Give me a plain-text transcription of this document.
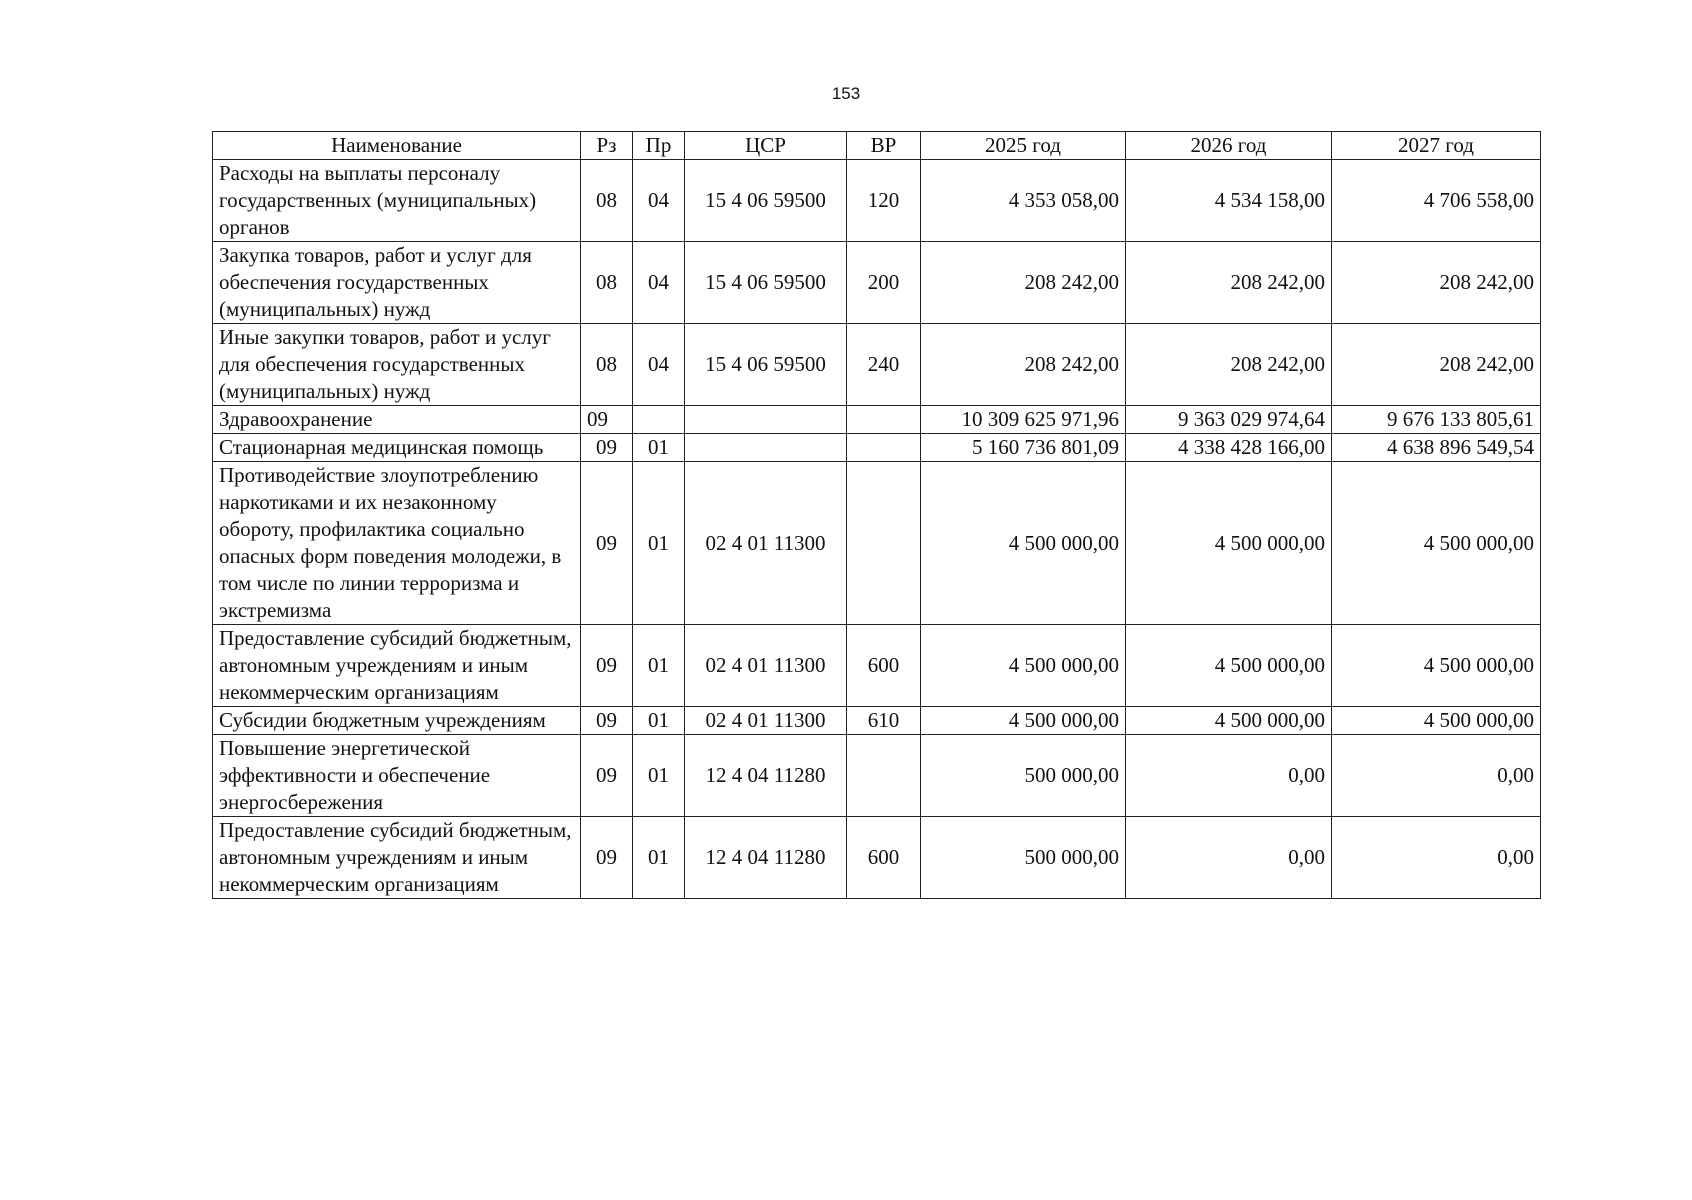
153
Наименование	Рз	Пр	ЦСР	ВР	2025 год	2026 год	2027 год
Расходы на выплаты персоналу государственных (муниципальных) органов	08	04	15 4 06 59500	120	4 353 058,00	4 534 158,00	4 706 558,00
Закупка товаров, работ и услуг для обеспечения государственных (муниципальных) нужд	08	04	15 4 06 59500	200	208 242,00	208 242,00	208 242,00
Иные закупки товаров, работ и услуг для обеспечения государственных (муниципальных) нужд	08	04	15 4 06 59500	240	208 242,00	208 242,00	208 242,00
Здравоохранение	09				10 309 625 971,96	9 363 029 974,64	9 676 133 805,61
Стационарная медицинская помощь	09	01			5 160 736 801,09	4 338 428 166,00	4 638 896 549,54
Противодействие злоупотреблению наркотиками и их незаконному обороту, профилактика социально опасных форм поведения молодежи, в том числе по линии терроризма и экстремизма	09	01	02 4 01 11300		4 500 000,00	4 500 000,00	4 500 000,00
Предоставление субсидий бюджетным, автономным учреждениям и иным некоммерческим организациям	09	01	02 4 01 11300	600	4 500 000,00	4 500 000,00	4 500 000,00
Субсидии бюджетным учреждениям	09	01	02 4 01 11300	610	4 500 000,00	4 500 000,00	4 500 000,00
Повышение энергетической эффективности и обеспечение энергосбережения	09	01	12 4 04 11280		500 000,00	0,00	0,00
Предоставление субсидий бюджетным, автономным учреждениям и иным некоммерческим организациям	09	01	12 4 04 11280	600	500 000,00	0,00	0,00
